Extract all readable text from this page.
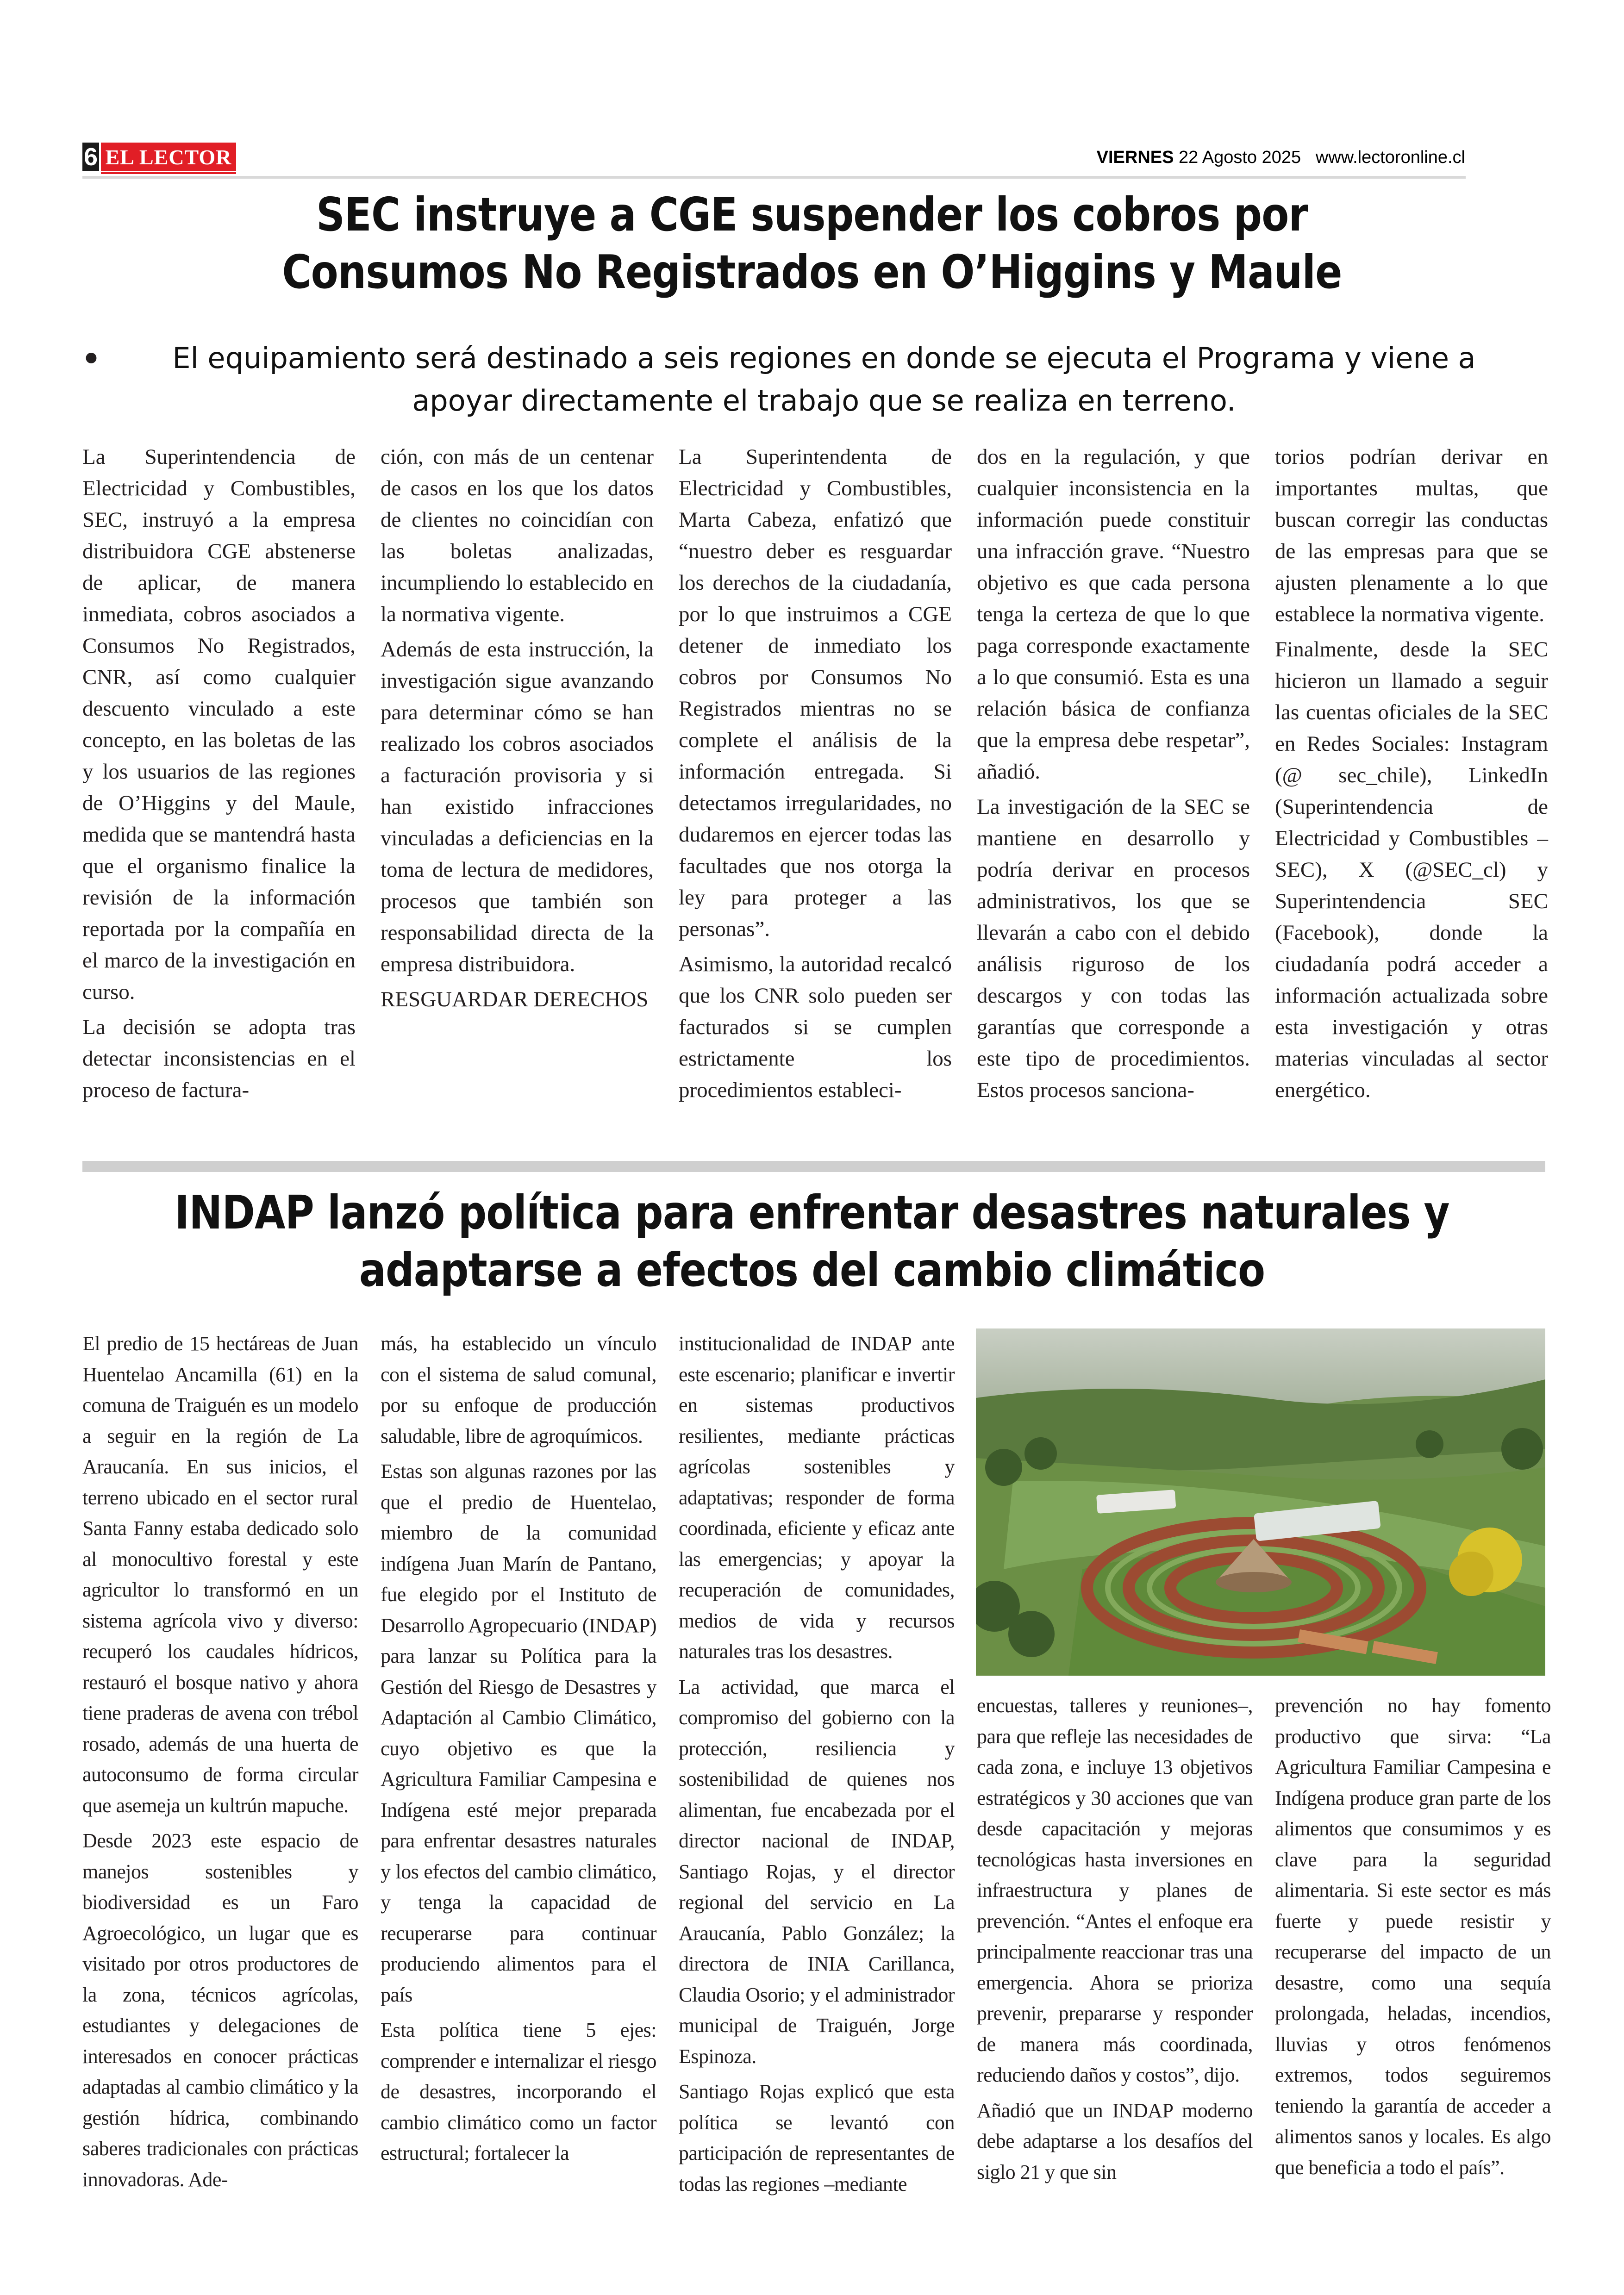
6 EL LECTOR	VIERNES 22 Agosto 2025 www.lectoronline.cl
SEC instruye a CGE suspender los cobros por
Consumos No Registrados en O’Higgins y Maule
•	El equipamiento será destinado a seis regiones en donde se ejecuta el Programa y viene a apoyar directamente el trabajo que se realiza en terreno.

La Superintendencia de Electricidad y Combustibles, SEC, instruyó a la empresa distribuidora CGE abstenerse de aplicar, de manera inmediata, cobros asociados a Consumos No Registrados, CNR, así como cualquier descuento vinculado a este concepto, en las boletas de las y los usuarios de las regiones de O’Higgins y del Maule, medida que se mantendrá hasta que el organismo finalice la revisión de la información reportada por la compañía en el marco de la investigación en curso.

La decisión se adopta tras detectar inconsistencias en el proceso de factura-

ción, con más de un centenar de casos en los que los datos de clientes no coincidían con las boletas analizadas, incumpliendo lo establecido en la normativa vigente.

Además de esta instrucción, la investigación sigue avanzando para determinar cómo se han realizado los cobros asociados a facturación provisoria y si han existido infracciones vinculadas a deficiencias en la toma de lectura de medidores, procesos que también son responsabilidad directa de la empresa distribuidora.

RESGUARDAR DERECHOS

La Superintendenta de Electricidad y Combustibles, Marta Cabeza, enfatizó que “nuestro deber es resguardar los derechos de la ciudadanía, por lo que instruimos a CGE detener de inmediato los cobros por Consumos No Registrados mientras no se complete el análisis de la información entregada. Si detectamos irregularidades, no dudaremos en ejercer todas las facultades que nos otorga la ley para proteger a las personas”.

Asimismo, la autoridad recalcó que los CNR solo pueden ser facturados si se cumplen estrictamente los procedimientos estableci-

dos en la regulación, y que cualquier inconsistencia en la información puede constituir una infracción grave. “Nuestro objetivo es que cada persona tenga la certeza de que lo que paga corresponde exactamente a lo que consumió. Esta es una relación básica de confianza que la empresa debe respetar”, añadió.

La investigación de la SEC se mantiene en desarrollo y podría derivar en procesos administrativos, los que se llevarán a cabo con el debido análisis riguroso de los descargos y con todas las garantías que corresponde a este tipo de procedimientos. Estos procesos sanciona-

torios podrían derivar en importantes multas, que buscan corregir las conductas de las empresas para que se ajusten plenamente a lo que establece la normativa vigente.

Finalmente, desde la SEC hicieron un llamado a seguir las cuentas oficiales de la SEC en Redes Sociales: Instagram (@ sec_chile), LinkedIn (Superintendencia de Electricidad y Combustibles – SEC), X (@SEC_cl) y Superintendencia SEC (Facebook), donde la ciudadanía podrá acceder a información actualizada sobre esta investigación y otras materias vinculadas al sector energético.

INDAP lanzó política para enfrentar desastres naturales y
adaptarse a efectos del cambio climático

El predio de 15 hectáreas de Juan Huentelao Ancamilla (61) en la comuna de Traiguén es un modelo a seguir en la región de La Araucanía. En sus inicios, el terreno ubicado en el sector rural Santa Fanny estaba dedicado solo al monocultivo forestal y este agricultor lo transformó en un sistema agrícola vivo y diverso: recuperó los caudales hídricos, restauró el bosque nativo y ahora tiene praderas de avena con trébol rosado, además de una huerta de autoconsumo de forma circular que asemeja un kultrún mapuche.

Desde 2023 este espacio de manejos sostenibles y biodiversidad es un Faro Agroecológico, un lugar que es visitado por otros productores de la zona, técnicos agrícolas, estudiantes y delegaciones de interesados en conocer prácticas adaptadas al cambio climático y la gestión hídrica, combinando saberes tradicionales con prácticas innovadoras. Ade-

más, ha establecido un vínculo con el sistema de salud comunal, por su enfoque de producción saludable, libre de agroquímicos.

Estas son algunas razones por las que el predio de Huentelao, miembro de la comunidad indígena Juan Marín de Pantano, fue elegido por el Instituto de Desarrollo Agropecuario (INDAP) para lanzar su Política para la Gestión del Riesgo de Desastres y Adaptación al Cambio Climático, cuyo objetivo es que la Agricultura Familiar Campesina e Indígena esté mejor preparada para enfrentar desastres naturales y los efectos del cambio climático, y tenga la capacidad de recuperarse para continuar produciendo alimentos para el país

Esta política tiene 5 ejes: comprender e internalizar el riesgo de desastres, incorporando el cambio climático como un factor estructural; fortalecer la

institucionalidad de INDAP ante este escenario; planificar e invertir en sistemas productivos resilientes, mediante prácticas agrícolas sostenibles y adaptativas; responder de forma coordinada, eficiente y eficaz ante las emergencias; y apoyar la recuperación de comunidades, medios de vida y recursos naturales tras los desastres.

La actividad, que marca el compromiso del gobierno con la protección, resiliencia y sostenibilidad de quienes nos alimentan, fue encabezada por el director nacional de INDAP, Santiago Rojas, y el director regional del servicio en La Araucanía, Pablo González; la directora de INIA Carillanca, Claudia Osorio; y el administrador municipal de Traiguén, Jorge Espinoza.

Santiago Rojas explicó que esta política se levantó con participación de representantes de todas las regiones –mediante

encuestas, talleres y reuniones–, para que refleje las necesidades de cada zona, e incluye 13 objetivos estratégicos y 30 acciones que van desde capacitación y mejoras tecnológicas hasta inversiones en infraestructura y planes de prevención. “Antes el enfoque era principalmente reaccionar tras una emergencia. Ahora se prioriza prevenir, prepararse y responder de manera más coordinada, reduciendo daños y costos”, dijo.

Añadió que un INDAP moderno debe adaptarse a los desafíos del siglo 21 y que sin

prevención no hay fomento productivo que sirva: “La Agricultura Familiar Campesina e Indígena produce gran parte de los alimentos que consumimos y es clave para la seguridad alimentaria. Si este sector es más fuerte y puede resistir y recuperarse del impacto de un desastre, como una sequía prolongada, heladas, incendios, lluvias y otros fenómenos extremos, todos seguiremos teniendo la garantía de acceder a alimentos sanos y locales. Es algo que beneficia a todo el país”.
